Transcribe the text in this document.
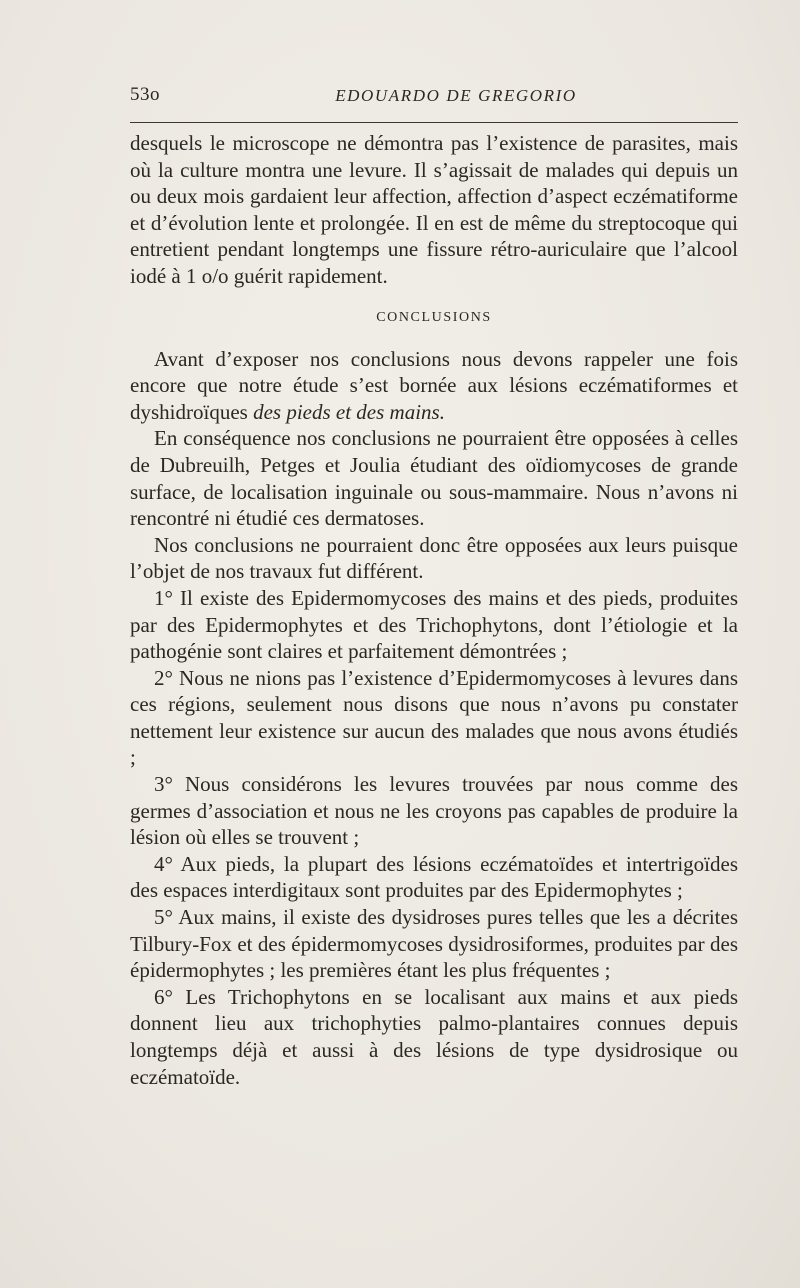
53o	EDOUARDO DE GREGORIO

desquels le microscope ne démontra pas l’existence de parasites, mais où la culture montra une levure. Il s’agissait de malades qui depuis un ou deux mois gardaient leur affection, affection d’aspect eczématiforme et d’évolution lente et prolongée. Il en est de même du streptocoque qui entretient pendant longtemps une fissure rétro-auriculaire que l’alcool iodé à 1 o/o guérit rapidement.

CONCLUSIONS

Avant d’exposer nos conclusions nous devons rappeler une fois encore que notre étude s’est bornée aux lésions eczématiformes et dyshidroïques des pieds et des mains.

En conséquence nos conclusions ne pourraient être opposées à celles de Dubreuilh, Petges et Joulia étudiant des oïdiomycoses de grande surface, de localisation inguinale ou sous-mammaire. Nous n’avons ni rencontré ni étudié ces dermatoses.

Nos conclusions ne pourraient donc être opposées aux leurs puisque l’objet de nos travaux fut différent.

1° Il existe des Epidermomycoses des mains et des pieds, produites par des Epidermophytes et des Trichophytons, dont l’étiologie et la pathogénie sont claires et parfaitement démontrées ;

2° Nous ne nions pas l’existence d’Epidermomycoses à levures dans ces régions, seulement nous disons que nous n’avons pu constater nettement leur existence sur aucun des malades que nous avons étudiés ;

3° Nous considérons les levures trouvées par nous comme des germes d’association et nous ne les croyons pas capables de produire la lésion où elles se trouvent ;

4° Aux pieds, la plupart des lésions eczématoïdes et intertrigoïdes des espaces interdigitaux sont produites par des Epidermophytes ;

5° Aux mains, il existe des dysidroses pures telles que les a décrites Tilbury-Fox et des épidermomycoses dysidrosiformes, produites par des épidermophytes ; les premières étant les plus fréquentes ;

6° Les Trichophytons en se localisant aux mains et aux pieds donnent lieu aux trichophyties palmo-plantaires connues depuis longtemps déjà et aussi à des lésions de type dysidrosique ou eczématoïde.
